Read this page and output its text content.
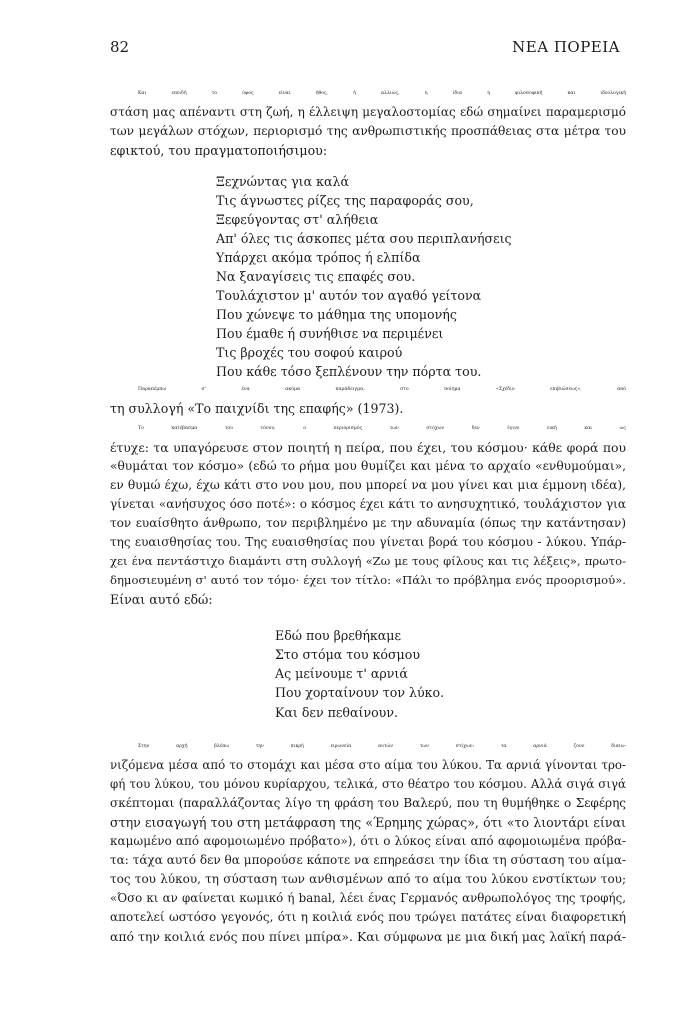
82	ΝΕΑ ΠΟΡΕΙΑ
Και επειδή το ύφος είναι ήθος, ή αλλιώς, η ίδια η φιλοσοφική και ιδεολογική
στάση μας απέναντι στη ζωή, η έλλειψη μεγαλοστομίας εδώ σημαίνει παραμερισμό
των μεγάλων στόχων, περιορισμό της ανθρωπιστικής προσπάθειας στα μέτρα του
εφικτού, του πραγματοποιήσιμου:
Ξεχνώντας για καλά
Τις άγνωστες ρίζες της παραφοράς σου,
Ξεφεύγοντας στ' αλήθεια
Απ' όλες τις άσκοπες μέτα σου περιπλανήσεις
Υπάρχει ακόμα τρόπος ή ελπίδα
Να ξαναγίσεις τις επαφές σου.
Τουλάχιστον μ' αυτόν τον αγαθό γείτονα
Που χώνεψε το μάθημα της υπομονής
Που έμαθε ή συνήθισε να περιμένει
Τις βροχές του σοφού καιρού
Που κάθε τόσο ξεπλένουν την πόρτα του.
Παραπέμπω σ' ένα ακόμα παράδειγμα, στο ποίημα «Σχέδιο επιβιώσεως», από
τη συλλογή «Το παιχνίδι της επαφής» (1973).
Το κατέβασμα του τόνου, ο περιορισμός των στόχων δεν έγινε εική και ως
έτυχε: τα υπαγόρευσε στον ποιητή η πείρα, που έχει, του κόσμου· κάθε φορά που
«θυμάται τον κόσμο» (εδώ το ρήμα μου θυμίζει και μένα το αρχαίο «ενθυμούμαι»,
εν θυμώ έχω, έχω κάτι στο νου μου, που μπορεί να μου γίνει και μια έμμονη ιδέα),
γίνεται «ανήσυχος όσο ποτέ»: ο κόσμος έχει κάτι το ανησυχητικό, τουλάχιστον για
τον ευαίσθητο άνθρωπο, τον περιβλημένο με την αδυναμία (όπως την κατάντησαν)
της ευαισθησίας του. Της ευαισθησίας που γίνεται βορά του κόσμου - λύκου. Υπάρ-
χει ένα πεντάστιχο διαμάντι στη συλλογή «Ζω με τους φίλους και τις λέξεις», πρωτο-
δημοσιευμένη σ' αυτό τον τόμο· έχει τον τίτλο: «Πάλι το πρόβλημα ενός προορισμού».
Είναι αυτό εδώ:
Εδώ που βρεθήκαμε
Στο στόμα του κόσμου
Ας μείνουμε τ' αρνιά
Που χορταίνουν τον λύκο.
Και δεν πεθαίνουν.
Στην αρχή βλέπω την πικρή ειρωνεία αυτών των στίχων: τα αρνιά ζουν διαιω-
νιζόμενα μέσα από το στομάχι και μέσα στο αίμα του λύκου. Τα αρνιά γίνονται τρο-
φή του λύκου, του μόνου κυρίαρχου, τελικά, στο θέατρο του κόσμου. Αλλά σιγά σιγά
σκέπτομαι (παραλλάζοντας λίγο τη φράση του Βαλερύ, που τη θυμήθηκε ο Σεφέρης
στην εισαγωγή του στη μετάφραση της «Έρημης χώρας», ότι «το λιοντάρι είναι
καμωμένο από αφομοιωμένο πρόβατο»), ότι ο λύκος είναι από αφομοιωμένα πρόβα-
τα: τάχα αυτό δεν θα μπορούσε κάποτε να επηρεάσει την ίδια τη σύσταση του αίμα-
τος του λύκου, τη σύσταση των ανθισμένων από το αίμα του λύκου ενστίκτων του;
«Όσο κι αν φαίνεται κωμικό ή banal, λέει ένας Γερμανός ανθρωπολόγος της τροφής,
αποτελεί ωστόσο γεγονός, ότι η κοιλιά ενός που τρώγει πατάτες είναι διαφορετική
από την κοιλιά ενός που πίνει μπίρα». Και σύμφωνα με μια δική μας λαϊκή παρά-
